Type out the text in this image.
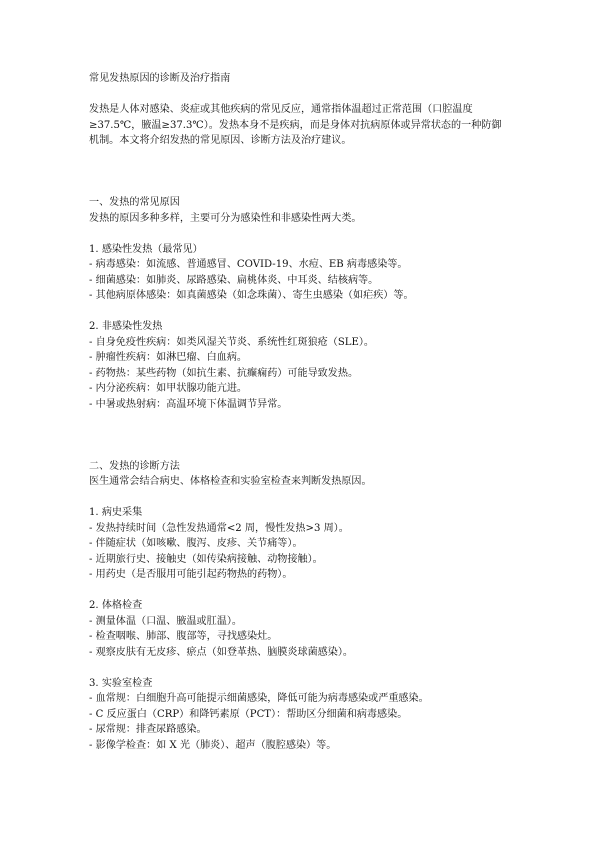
常见发热原因的诊断及治疗指南

发热是人体对感染、炎症或其他疾病的常见反应，通常指体温超过正常范围（口腔温度≥37.5℃，腋温≥37.3℃）。发热本身不是疾病，而是身体对抗病原体或异常状态的一种防御机制。本文将介绍发热的常见原因、诊断方法及治疗建议。

一、发热的常见原因

发热的原因多种多样，主要可分为感染性和非感染性两大类。

1. 感染性发热（最常见）

- 病毒感染：如流感、普通感冒、COVID-19、水痘、EB 病毒感染等。
- 细菌感染：如肺炎、尿路感染、扁桃体炎、中耳炎、结核病等。
- 其他病原体感染：如真菌感染（如念珠菌）、寄生虫感染（如疟疾）等。

2. 非感染性发热

- 自身免疫性疾病：如类风湿关节炎、系统性红斑狼疮（SLE）。
- 肿瘤性疾病：如淋巴瘤、白血病。
- 药物热：某些药物（如抗生素、抗癫痫药）可能导致发热。
- 内分泌疾病：如甲状腺功能亢进。
- 中暑或热射病：高温环境下体温调节异常。

二、发热的诊断方法

医生通常会结合病史、体格检查和实验室检查来判断发热原因。

1. 病史采集

- 发热持续时间（急性发热通常<2 周，慢性发热>3 周）。
- 伴随症状（如咳嗽、腹泻、皮疹、关节痛等）。
- 近期旅行史、接触史（如传染病接触、动物接触）。
- 用药史（是否服用可能引起药物热的药物）。

2. 体格检查

- 测量体温（口温、腋温或肛温）。
- 检查咽喉、肺部、腹部等，寻找感染灶。
- 观察皮肤有无皮疹、瘀点（如登革热、脑膜炎球菌感染）。

3. 实验室检查

- 血常规：白细胞升高可能提示细菌感染，降低可能为病毒感染或严重感染。
- C 反应蛋白（CRP）和降钙素原（PCT）：帮助区分细菌和病毒感染。
- 尿常规：排查尿路感染。
- 影像学检查：如 X 光（肺炎）、超声（腹腔感染）等。
